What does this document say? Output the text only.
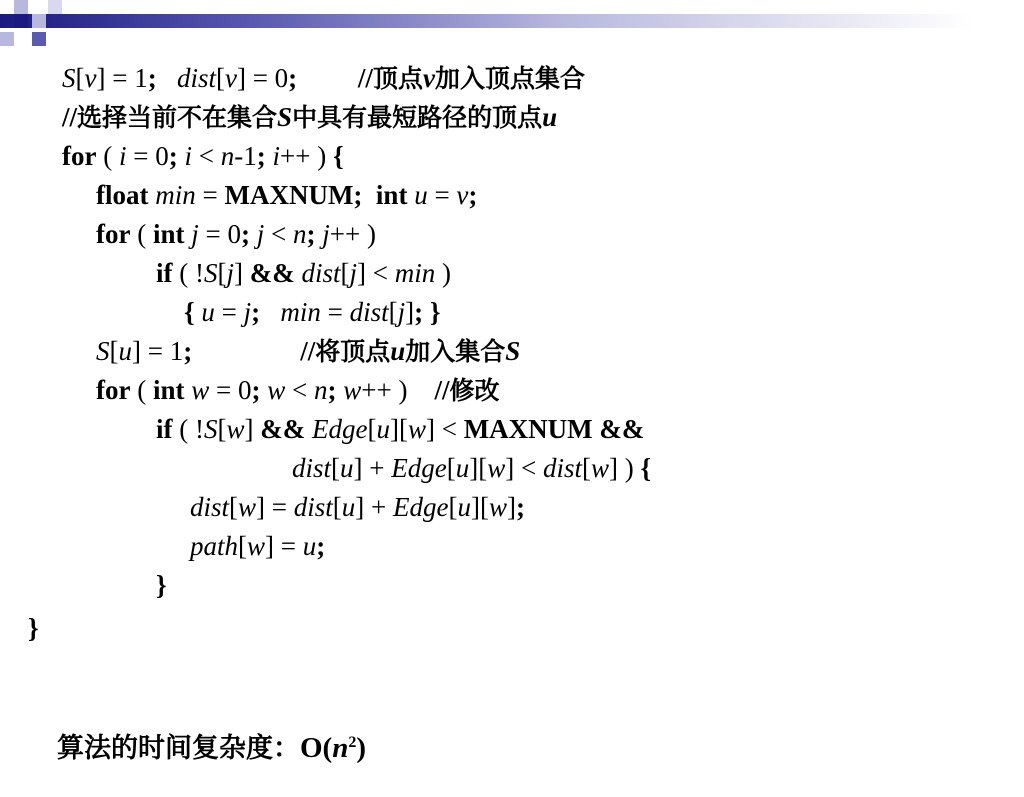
S[v] = 1; dist[v] = 0;         //顶点v加入顶点集合
//选择当前不在集合S中具有最短路径的顶点u
for ( i = 0; i < n-1; i++ ) {
float min = MAXNUM; int u = v;
for ( int j = 0; j < n; j++ )
if ( !S[j] && dist[j] < min )
{ u = j; min = dist[j]; }
S[u] = 1;                //将顶点u加入集合S
for ( int w = 0; w < n; w++ )    //修改
if ( !S[w] && Edge[u][w] < MAXNUM &&
dist[u] + Edge[u][w] < dist[w] ) {
dist[w] = dist[u] + Edge[u][w];
path[w] = u;
}
}

算法的时间复杂度：$O(n^2)$
